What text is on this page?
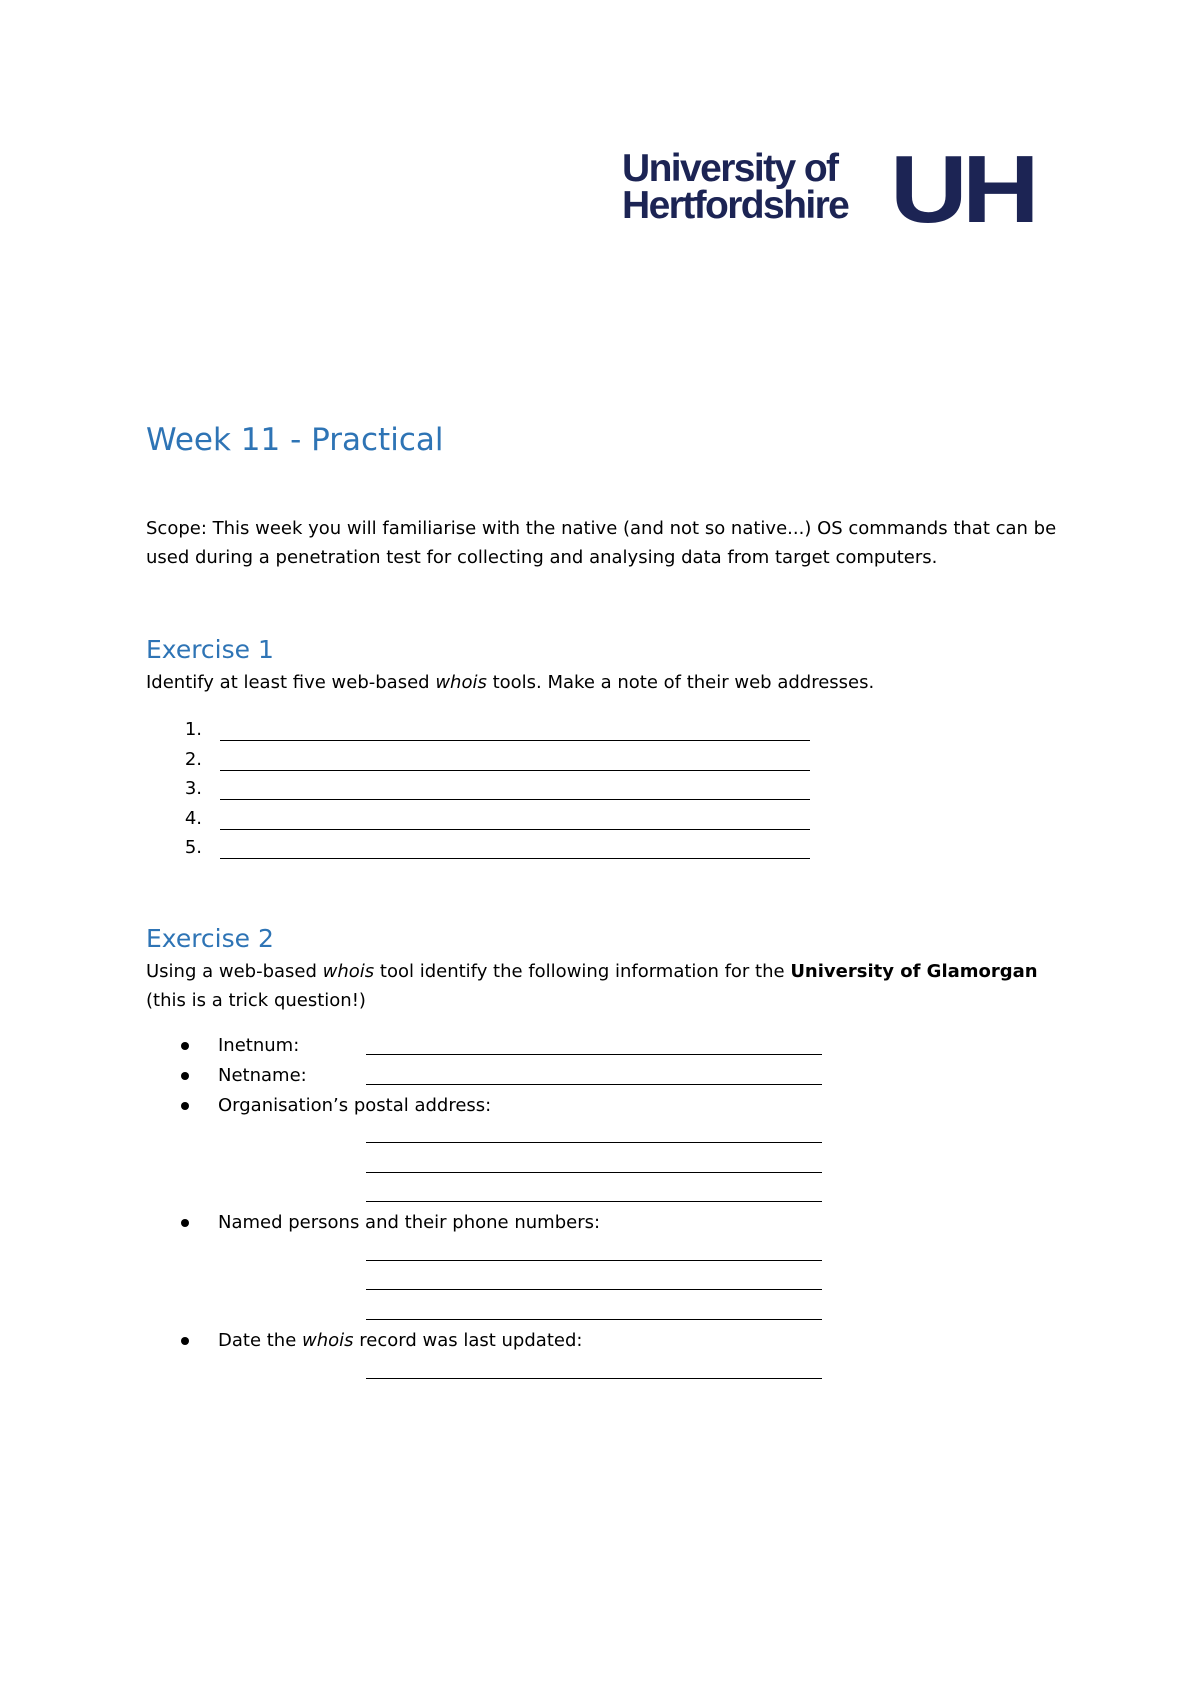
University of
Hertfordshire UH
Week 11 - Practical
Scope: This week you will familiarise with the native (and not so native...) OS commands that can be used during a penetration test for collecting and analysing data from target computers.
Exercise 1
Identify at least five web-based whois tools. Make a note of their web addresses.
1.
2.
3.
4.
5.
Exercise 2
Using a web-based whois tool identify the following information for the University of Glamorgan
(this is a trick question!)
Inetnum:
Netname:
Organisation’s postal address:
Named persons and their phone numbers:
Date the whois record was last updated:
